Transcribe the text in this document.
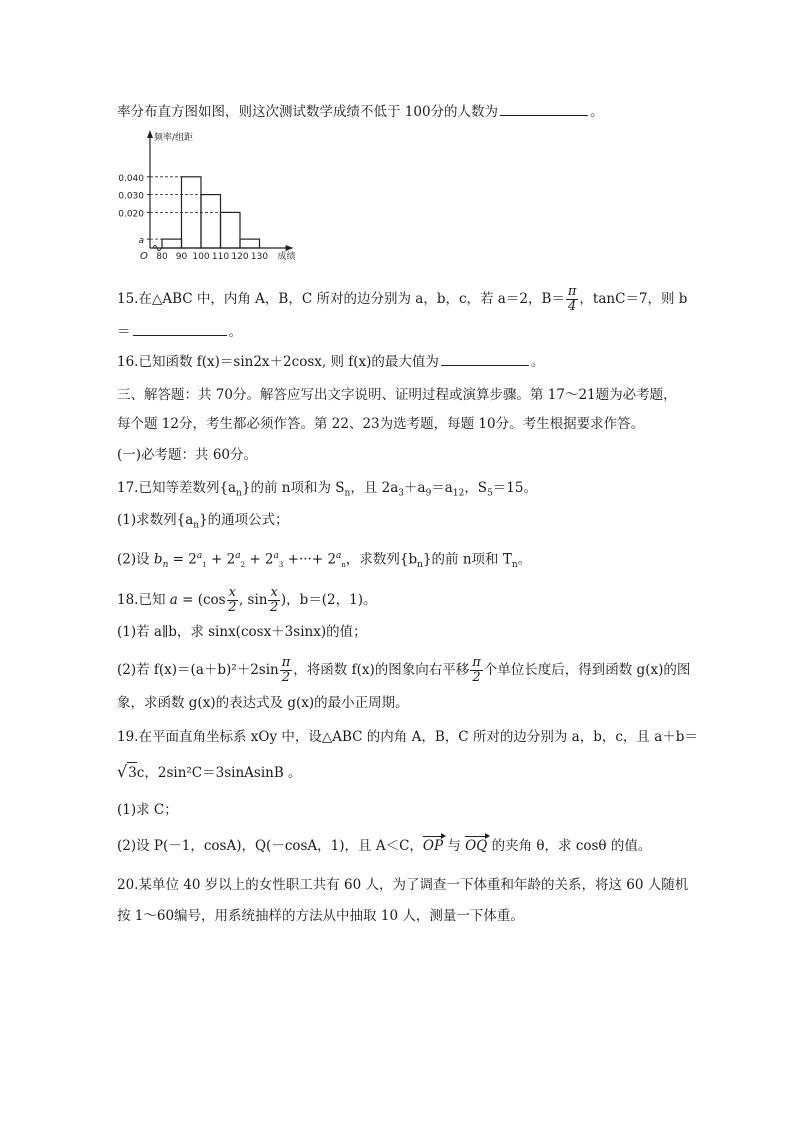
率分布直方图如图，则这次测试数学成绩不低于 100分的人数为	。
0.040
0.030
0.020
a
80 90 100 110 120 130
O
频率/组距
成绩
15.在△ABC 中，内角 A，B，C 所对的边分别为 a，b，c，若 a＝2，$B= \frac{\pi}{4}$ ，tanC＝7，则 b
＝	。
16.已知函数 f(x)＝sin2x＋2cosx, 则 f(x)的最大值为	。
三、解答题：共 70分。解答应写出文字说明、证明过程或演算步骤。第 17～21题为必考题，
每个题 12分，考生都必须作答。第 22、23为选考题，每题 10分。考生根据要求作答。
(一)必考题：共 60分。
17.已知等差数列$\{a_n\}$的前 n项和为 $S_n$，且 $2a_3+a_9=a_{12}$，$S_5=15$。
(1)求数列$\{a_n\}$的通项公式；
(2)设 $b_n = 2^a_1 + 2^a_2 + 2^a_3$ +···+ $2^a_n$，求数列$\{b_n\}$的前 n项和 $T_n$。
18.已知 $a = (\cos \frac{x}{2}$ , $\sin \frac{x}{2}$ )，b＝(2，1)。
(1)若 a∥b，求 sinx(cosx＋3sinx)的值；
(2)若 $f(x)=(a+b)^2+2\sin \frac{\pi}{2}$ ，将函数 f(x)的图象向右平移 $\frac{\pi}{2}$ 个单位长度后，得到函数 g(x)的图
象，求函数 g(x)的表达式及 g(x)的最小正周期。
19.在平面直角坐标系 xOy 中，设△ABC 的内角 A，B，C 所对的边分别为 a，b，c，且 a＋b＝
√3c，2sin²C＝3sinAsinB 。
(1)求 C；
(2)设 P(－1，cosA)，Q(－cosA，1)，且 A＜C，OP 与 OQ 的夹角 θ，求 cosθ 的值。
20.某单位 40 岁以上的女性职工共有 60 人，为了调查一下体重和年龄的关系，将这 60 人随机
按 1～60编号，用系统抽样的方法从中抽取 10 人，测量一下体重。
